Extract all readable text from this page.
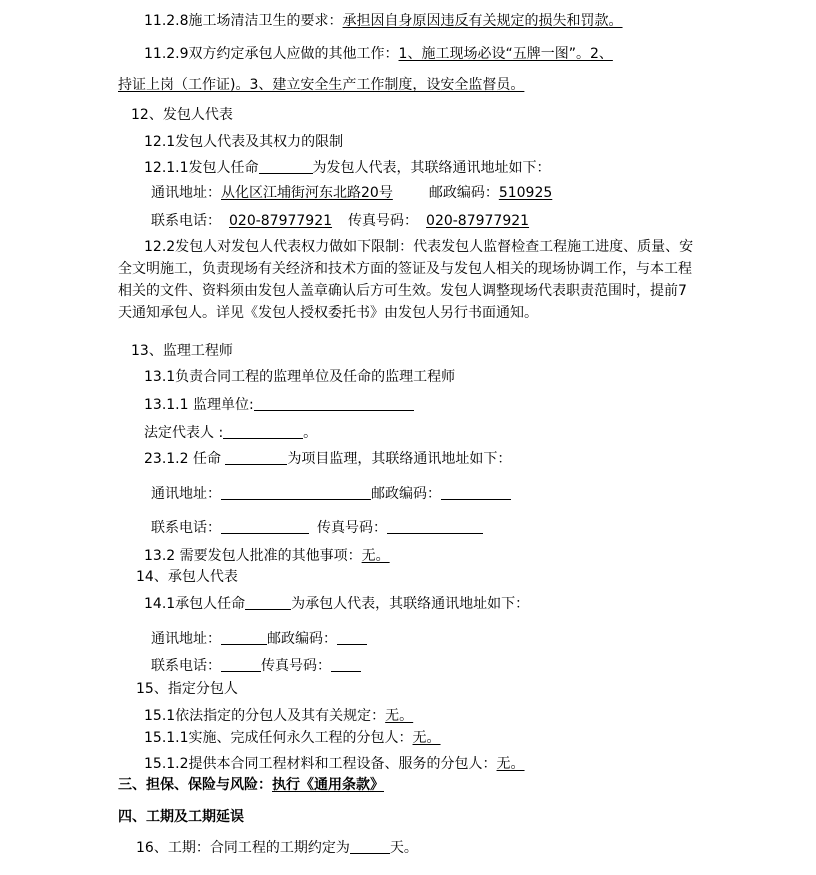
11.2.8施工场清洁卫生的要求：承担因自身原因违反有关规定的损失和罚款。
11.2.9双方约定承包人应做的其他工作：1、施工现场必设“五牌一图”。2、
持证上岗（工作证)。3、建立安全生产工作制度，设安全监督员。
12、发包人代表
12.1发包人代表及其权力的限制
12.1.1发包人任命	为发包人代表，其联络通讯地址如下：
通讯地址：从化区江埔街河东北路20号	邮政编码：510925
联系电话： 020-87977921 传真号码： 020-87977921
12.2发包人对发包人代表权力做如下限制：代表发包人监督检查工程施工进度、质量、安全文明施工，负责现场有关经济和技术方面的签证及与发包人相关的现场协调工作，与本工程相关的文件、资料须由发包人盖章确认后方可生效。发包人调整现场代表职责范围时，提前7天通知承包人。详见《发包人授权委托书》由发包人另行书面通知。
13、监理工程师
13.1负责合同工程的监理单位及任命的监理工程师
13.1.1 监理单位:
法定代表人 :	。
23.1.2 任命	为项目监理，其联络通讯地址如下：
通讯地址：	邮政编码：
联系电话：	传真号码：
13.2 需要发包人批准的其他事项：无。
14、承包人代表
14.1承包人任命	为承包人代表，其联络通讯地址如下：
通讯地址：	邮政编码：
联系电话：	传真号码：
15、指定分包人
15.1依法指定的分包人及其有关规定：无。
15.1.1实施、完成任何永久工程的分包人：无。
15.1.2提供本合同工程材料和工程设备、服务的分包人：无。
三、担保、保险与风险：执行《通用条款》
四、工期及工期延误
16、工期：合同工程的工期约定为	天。
